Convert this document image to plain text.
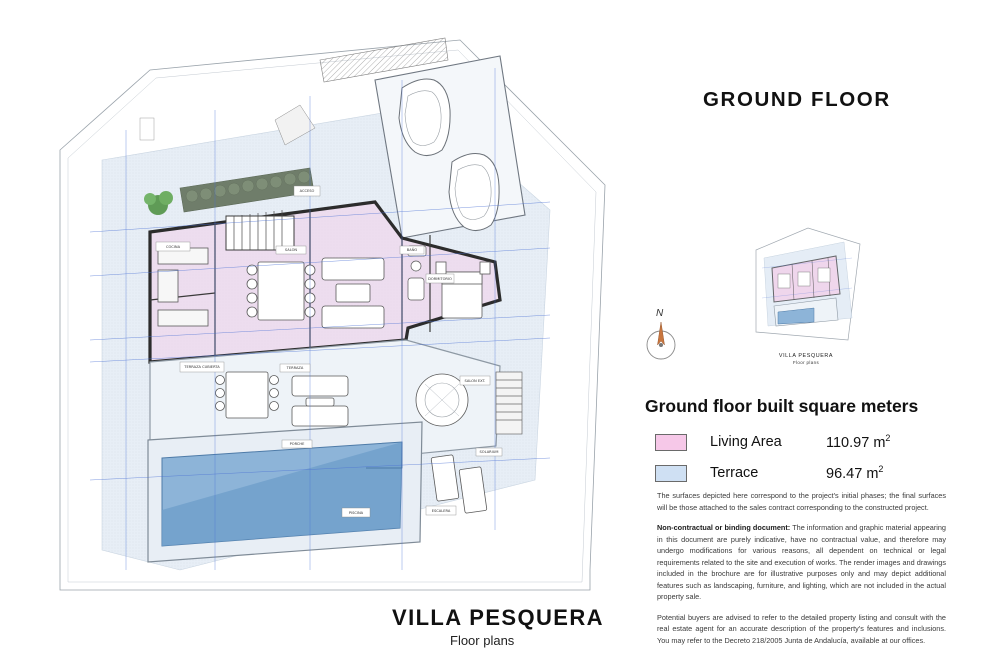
COCINA
SALON
TERRAZA
PORCHE
TERRAZA CUBIERTA
DORMITORIO
SALON EXT.
SOLARIUM
ESCALERA
PISCINA
ACCESO
BAÑO
GROUND FLOOR
VILLA PESQUERA
Floor plans
N
VILLA PESQUERA
Floor plans
Ground floor built square meters
Living Area	110.97 $m^2$
Terrace	96.47 $m^2$

The surfaces depicted here correspond to the project's initial phases; the final surfaces will be those attached to the sales contract corresponding to the constructed project.

Non-contractual or binding document: The information and graphic material appearing in this document are purely indicative, have no contractual value, and therefore may undergo modifications for various reasons, all dependent on technical or legal requirements related to the site and execution of works. The render images and drawings included in the brochure are for illustrative purposes only and may depict additional features such as landscaping, furniture, and lighting, which are not included in the actual property sale.

Potential buyers are advised to refer to the detailed property listing and consult with the real estate agent for an accurate description of the property's features and inclusions. You may refer to the Decreto 218/2005 Junta de Andalucía, available at our offices.
